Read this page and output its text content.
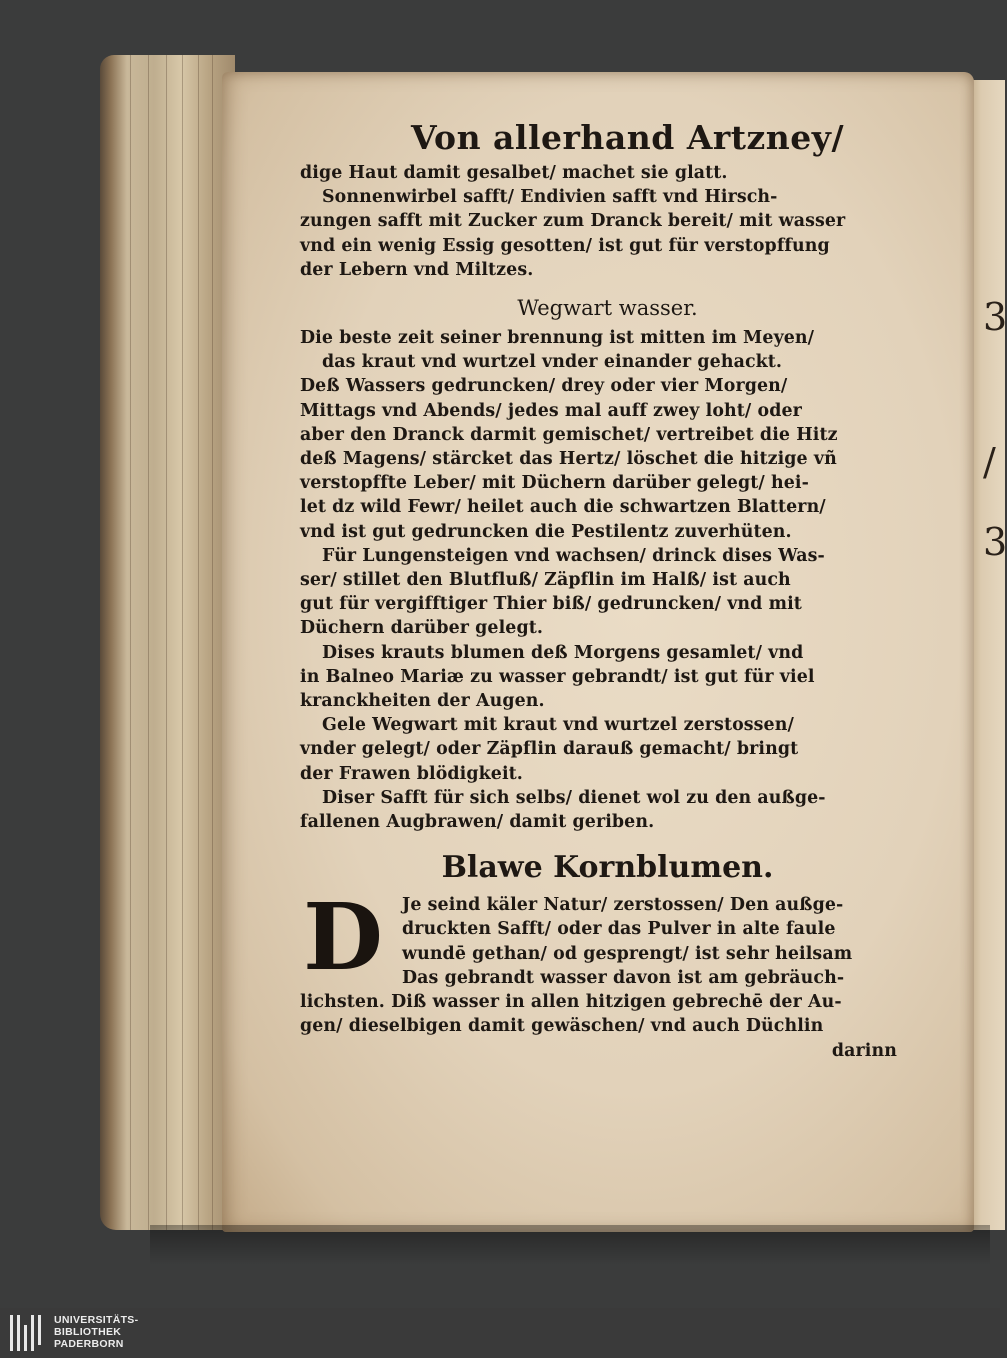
3
/
3
Von allerhand Artzney/
dige Haut damit gesalbet/ machet sie glatt.
Sonnenwirbel safft/ Endivien safft vnd Hirsch-
zungen safft mit Zucker zum Dranck bereit/ mit wasser
vnd ein wenig Essig gesotten/ ist gut für verstopffung
der Lebern vnd Miltzes.
Wegwart wasser.
Die beste zeit seiner brennung ist mitten im Meyen/
das kraut vnd wurtzel vnder einander gehackt.
Deß Wassers gedruncken/ drey oder vier Morgen/
Mittags vnd Abends/ jedes mal auff zwey loht/ oder
aber den Dranck darmit gemischet/ vertreibet die Hitz
deß Magens/ stärcket das Hertz/ löschet die hitzige vñ
verstopffte Leber/ mit Düchern darüber gelegt/ hei-
let dz wild Fewr/ heilet auch die schwartzen Blattern/
vnd ist gut gedruncken die Pestilentz zuverhüten.
Für Lungensteigen vnd wachsen/ drinck dises Was-
ser/ stillet den Blutfluß/ Zäpflin im Halß/ ist auch
gut für vergifftiger Thier biß/ gedruncken/ vnd mit
Düchern darüber gelegt.
Dises krauts blumen deß Morgens gesamlet/ vnd
in Balneo Mariæ zu wasser gebrandt/ ist gut für viel
kranckheiten der Augen.
Gele Wegwart mit kraut vnd wurtzel zerstossen/
vnder gelegt/ oder Zäpflin darauß gemacht/ bringt
der Frawen blödigkeit.
Diser Safft für sich selbs/ dienet wol zu den außge-
fallenen Augbrawen/ damit geriben.
Blawe Kornblumen.
D	Je seind käler Natur/ zerstossen/ Den außge-
druckten Safft/ oder das Pulver in alte faule
wundē gethan/ od gesprengt/ ist sehr heilsam
Das gebrandt wasser davon ist am gebräuch-
lichsten. Diß wasser in allen hitzigen gebrechē der Au-
gen/ dieselbigen damit gewäschen/ vnd auch Düchlin
darinn
UNIVERSITÄTS-
BIBLIOTHEK
PADERBORN
